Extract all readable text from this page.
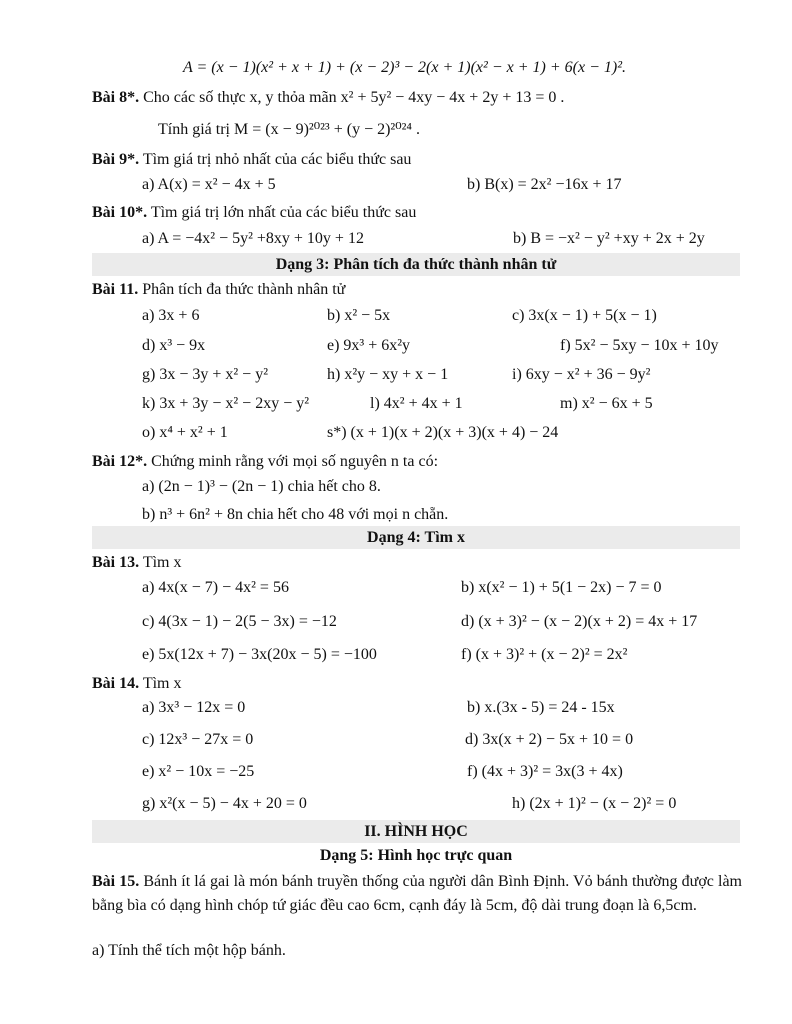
A = (x − 1)(x² + x + 1) + (x − 2)³ − 2(x + 1)(x² − x + 1) + 6(x − 1)².
Bài 8*. Cho các số thực x, y thỏa mãn x² + 5y² − 4xy − 4x + 2y + 13 = 0 .
Tính giá trị M = (x − 9)²⁰²³ + (y − 2)²⁰²⁴ .
Bài 9*. Tìm giá trị nhỏ nhất của các biểu thức sau
a) A(x) = x² − 4x + 5	b) B(x) = 2x² −16x + 17
Bài 10*. Tìm giá trị lớn nhất của các biểu thức sau
a) A = −4x² − 5y² +8xy + 10y + 12	b) B = −x² − y² +xy + 2x + 2y
Dạng 3: Phân tích đa thức thành nhân tử
Bài 11. Phân tích đa thức thành nhân tử
a) 3x + 6	b) x² − 5x	c) 3x(x − 1) + 5(x − 1)
d) x³ − 9x	e) 9x³ + 6x²y	f) 5x² − 5xy − 10x + 10y
g) 3x − 3y + x² − y²	h) x²y − xy + x − 1	i) 6xy − x² + 36 − 9y²
k) 3x + 3y − x² − 2xy − y²	l) 4x² + 4x + 1	m) x² − 6x + 5
o) x⁴ + x² + 1	s*) (x + 1)(x + 2)(x + 3)(x + 4) − 24
Bài 12*. Chứng minh rằng với mọi số nguyên n ta có:
a) (2n − 1)³ − (2n − 1) chia hết cho 8.
b) n³ + 6n² + 8n chia hết cho 48 với mọi n chẵn.
Dạng 4: Tìm x
Bài 13. Tìm x
a) 4x(x − 7) − 4x² = 56	b) x(x² − 1) + 5(1 − 2x) − 7 = 0
c) 4(3x − 1) − 2(5 − 3x) = −12	d) (x + 3)² − (x − 2)(x + 2) = 4x + 17
e) 5x(12x + 7) − 3x(20x − 5) = −100	f) (x + 3)² + (x − 2)² = 2x²
Bài 14. Tìm x
a) 3x³ − 12x = 0	b) x.(3x - 5) = 24 - 15x
c) 12x³ − 27x = 0	d) 3x(x + 2) − 5x + 10 = 0
e) x² − 10x = −25	f) (4x + 3)² = 3x(3 + 4x)
g) x²(x − 5) − 4x + 20 = 0	h) (2x + 1)² − (x − 2)² = 0
II. HÌNH HỌC
Dạng 5: Hình học trực quan
Bài 15. Bánh ít lá gai là món bánh truyền thống của người dân Bình Định. Vỏ bánh thường được làm bằng bìa có dạng hình chóp tứ giác đều cao 6cm, cạnh đáy là 5cm, độ dài trung đoạn là 6,5cm.
a) Tính thể tích một hộp bánh.
